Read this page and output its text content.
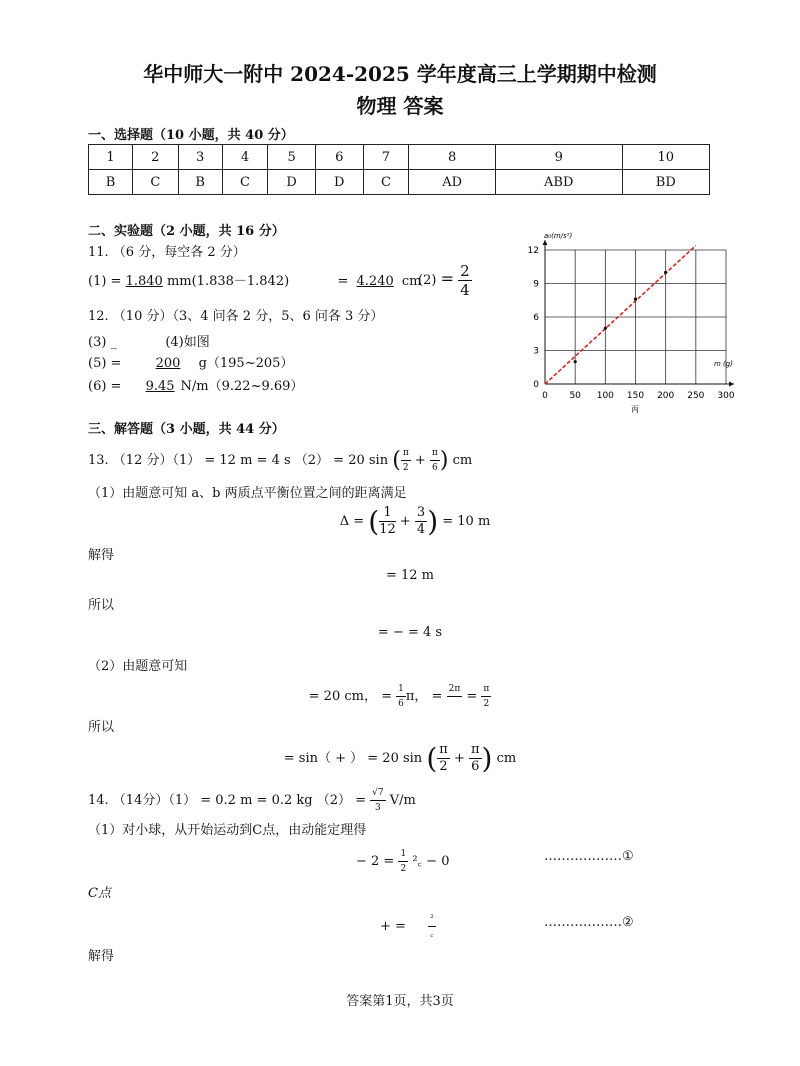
华中师大一附中 2024-2025 学年度高三上学期期中检测
物理 答案
一、选择题（10 小题，共 40 分）
1	2	3	4	5	6	7	8	9	10
B	C	B	C	D	D	C	AD	ABD	BD
二、实验题（2 小题，共 16 分）
11. （6 分，每空各 2 分）
(1) = 1.840 mm(1.838－1.842)	= 4.240 cm
$(2) = \frac{2}{4}$
12. （10 分）（3、4 问各 2 分，5、6 问各 3 分）
(3) _	(4)如图
(5) =	200 g（195~205）
(6) = 9.45 N/m（9.22~9.69）
0 50 100 150 200 250 300
0
3
6
9
12
a₀(m/s²)
m (g)
丙
三、解答题（3 小题，共 44 分）
13. （12 分）（1） = 12 m = 4 s （2） = 20 sin ( $\frac{\pi}{2} + \frac{\pi}{6}$ ) cm
（1）由题意可知 a、b 两质点平衡位置之间的距离满足
Δ = ( $\frac{1}{12} + \frac{3}{4}$ ) = 10 m
解得
= 12 m
所以
= − = 4 s
（2）由题意可知
= 20 cm， = $\frac{1}{6}$ π， = 2π
= $\frac{\pi}{2}$
所以
= sin（ + ） = 20 sin ( $\frac{\pi}{2} + \frac{\pi}{6}$ ) cm
14. （14分）（1） = 0.2 m = 0.2 kg $(2) = \frac{√7}{3} V/m$
（1）对小球，从开始运动到C点，由动能定理得
− $2 = \frac{1}{2}$ ²꜀ − 0	………………①
C点
+ = $\frac{\text{²}}{꜀}$	………………②
解得
答案第1页，共3页
